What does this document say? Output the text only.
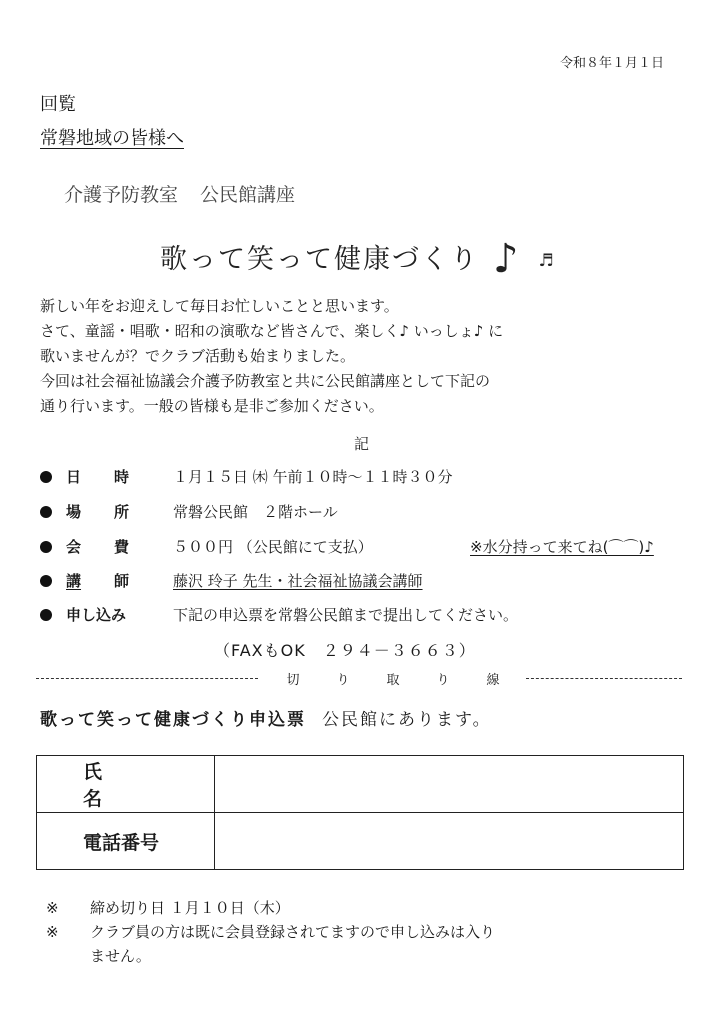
令和８年１月１日
回覧
常磐地域の皆様へ
介護予防教室 公民館講座
歌って笑って健康づくり ♪ ♬
新しい年をお迎えして毎日お忙しいことと思います。
さて、童謡・唱歌・昭和の演歌など皆さんで、楽しく♪ いっしょ♪ に
歌いませんが？でクラブ活動も始まりました。
今回は社会福祉協議会介護予防教室と共に公民館講座として下記の
通り行います。一般の皆様も是非ご参加ください。
記
日 時	１月１５日 ㈭ 午前１０時～１１時３０分
場 所	常磐公民館　２階ホール
会 費	５００円 （公民館にて支払）	※水分持って来てね(⌒⌒)♪
講 師	藤沢 玲子 先生・社会福祉協議会講師
申し込み	下記の申込票を常磐公民館まで提出してください。
（FAXもOK　２９４－３６６３）
切	り	取	り	線
歌って笑って健康づくり申込票 公民館にあります。
氏名	
電話番号	
※ 締め切り日 １月１０日（木）
※ クラブ員の方は既に会員登録されてますので申し込みは入り
ません。
